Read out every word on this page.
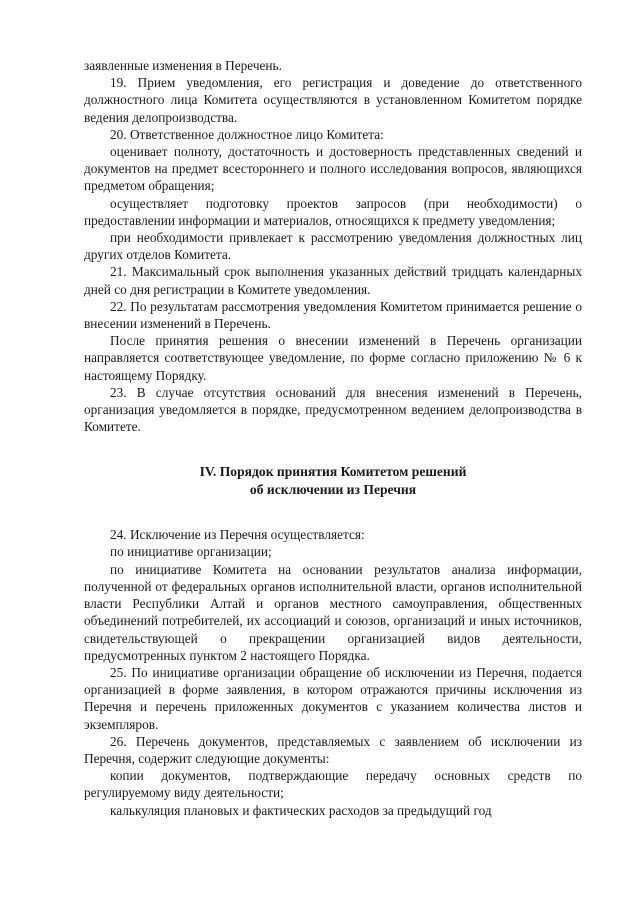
заявленные изменения в Перечень.

19. Прием уведомления, его регистрация и доведение до ответственного должностного лица Комитета осуществляются в установленном Комитетом порядке ведения делопроизводства.

20. Ответственное должностное лицо Комитета:

оценивает полноту, достаточность и достоверность представленных сведений и документов на предмет всестороннего и полного исследования вопросов, являющихся предметом обращения;

осуществляет подготовку проектов запросов (при необходимости) о предоставлении информации и материалов, относящихся к предмету уведомления;

при необходимости привлекает к рассмотрению уведомления должностных лиц других отделов Комитета.

21. Максимальный срок выполнения указанных действий тридцать календарных дней со дня регистрации в Комитете уведомления.

22. По результатам рассмотрения уведомления Комитетом принимается решение о внесении изменений в Перечень.

После принятия решения о внесении изменений в Перечень организации направляется соответствующее уведомление, по форме согласно приложению № 6 к настоящему Порядку.

23. В случае отсутствия оснований для внесения изменений в Перечень, организация уведомляется в порядке, предусмотренном ведением делопроизводства в Комитете.

IV. Порядок принятия Комитетом решений
об исключении из Перечня

24. Исключение из Перечня осуществляется:

по инициативе организации;

по инициативе Комитета на основании результатов анализа информации, полученной от федеральных органов исполнительной власти, органов исполнительной власти Республики Алтай и органов местного самоуправления, общественных объединений потребителей, их ассоциаций и союзов, организаций и иных источников, свидетельствующей о прекращении организацией видов деятельности, предусмотренных пунктом 2 настоящего Порядка.

25. По инициативе организации обращение об исключении из Перечня, подается организацией в форме заявления, в котором отражаются причины исключения из Перечня и перечень приложенных документов с указанием количества листов и экземпляров.

26. Перечень документов, представляемых с заявлением об исключении из Перечня, содержит следующие документы:

копии документов, подтверждающие передачу основных средств по регулируемому виду деятельности;

калькуляция плановых и фактических расходов за предыдущий год
